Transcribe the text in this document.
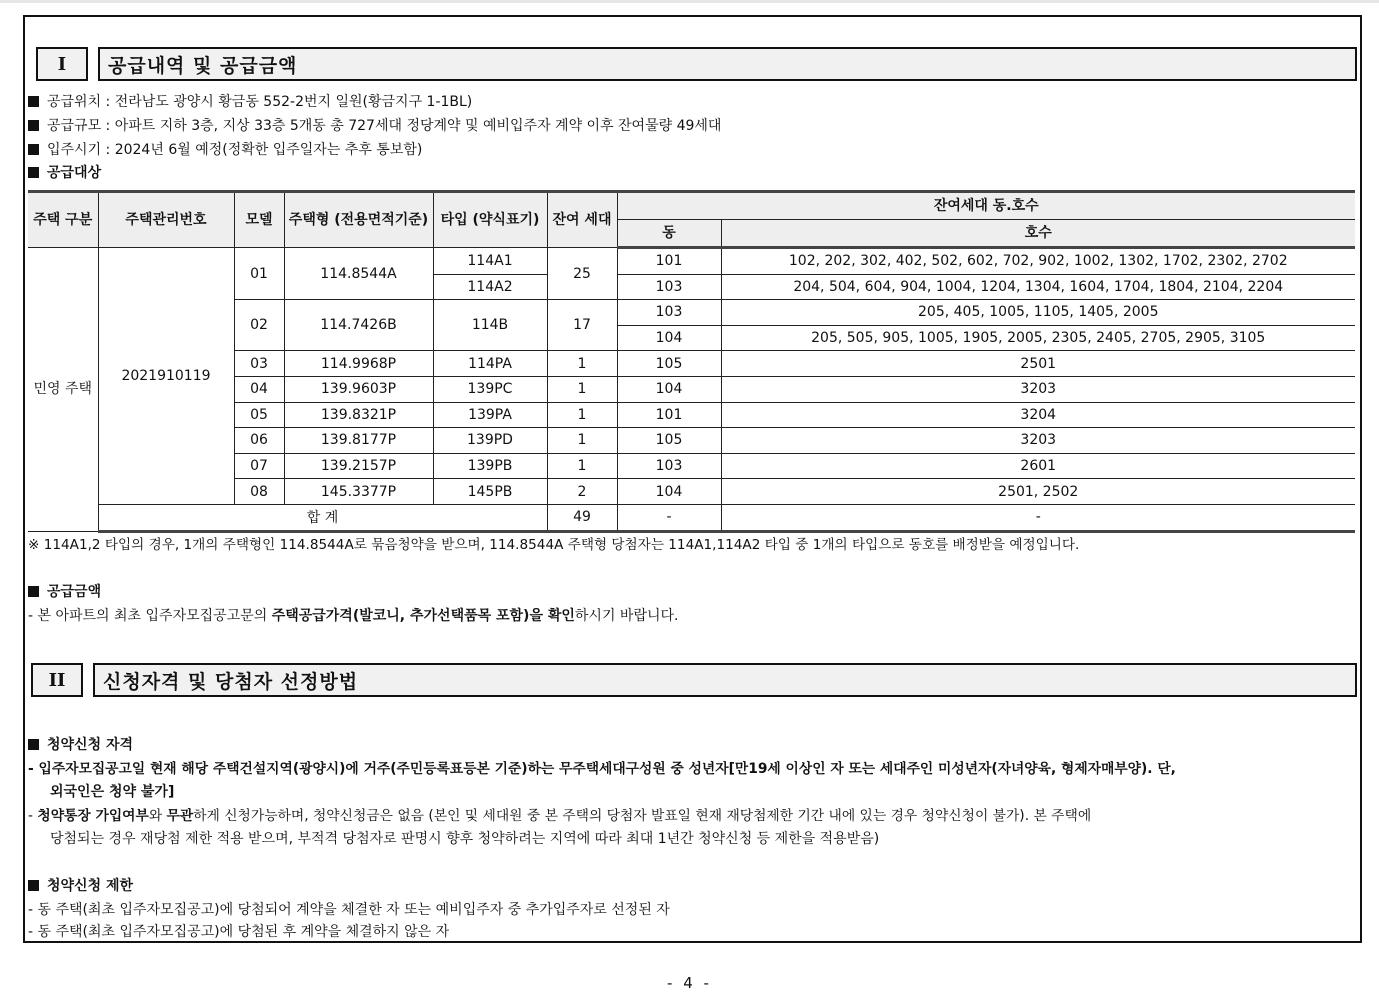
I	공급내역 및 공급금액
공급위치 : 전라남도 광양시 황금동 552-2번지 일원(황금지구 1-1BL)
공급규모 : 아파트 지하 3층, 지상 33층 5개동 총 727세대 정당계약 및 예비입주자 계약 이후 잔여물량 49세대
입주시기 : 2024년 6월 예정(정확한 입주일자는 추후 통보함)
공급대상
주택 구분	주택관리번호	모델	주택형 (전용면적기준)	타입 (약식표기)	잔여 세대	잔여세대 동.호수	
						동	호수
민영 주택	2021910119	01	114.8544A	114A1	25	101	102, 202, 302, 402, 502, 602, 702, 902, 1002, 1302, 1702, 2302, 2702
				114A2		103	204, 504, 604, 904, 1004, 1204, 1304, 1604, 1704, 1804, 2104, 2204
		02	114.7426B	114B	17	103	205, 405, 1005, 1105, 1405, 2005
						104	205, 505, 905, 1005, 1905, 2005, 2305, 2405, 2705, 2905, 3105
		03	114.9968P	114PA	1	105	2501
		04	139.9603P	139PC	1	104	3203
		05	139.8321P	139PA	1	101	3204
		06	139.8177P	139PD	1	105	3203
		07	139.2157P	139PB	1	103	2601
		08	145.3377P	145PB	2	104	2501, 2502
	합 계				49	-	-
※ 114A1,2 타입의 경우, 1개의 주택형인 114.8544A로 묶음청약을 받으며, 114.8544A 주택형 당첨자는 114A1,114A2 타입 중 1개의 타입으로 동호를 배정받을 예정입니다.
공급금액
- 본 아파트의 최초 입주자모집공고문의 주택공급가격(발코니, 추가선택품목 포함)을 확인하시기 바랍니다.
II	신청자격 및 당첨자 선정방법
청약신청 자격
- 입주자모집공고일 현재 해당 주택건설지역(광양시)에 거주(주민등록표등본 기준)하는 무주택세대구성원 중 성년자[만19세 이상인 자 또는 세대주인 미성년자(자녀양육, 형제자매부양). 단,
외국인은 청약 불가]
- 청약통장 가입여부와 무관하게 신청가능하며, 청약신청금은 없음 (본인 및 세대원 중 본 주택의 당첨자 발표일 현재 재당첨제한 기간 내에 있는 경우 청약신청이 불가). 본 주택에
당첨되는 경우 재당첨 제한 적용 받으며, 부적격 당첨자로 판명시 향후 청약하려는 지역에 따라 최대 1년간 청약신청 등 제한을 적용받음)
청약신청 제한
- 동 주택(최초 입주자모집공고)에 당첨되어 계약을 체결한 자 또는 예비입주자 중 추가입주자로 선정된 자
- 동 주택(최초 입주자모집공고)에 당첨된 후 계약을 체결하지 않은 자
- 4 -
